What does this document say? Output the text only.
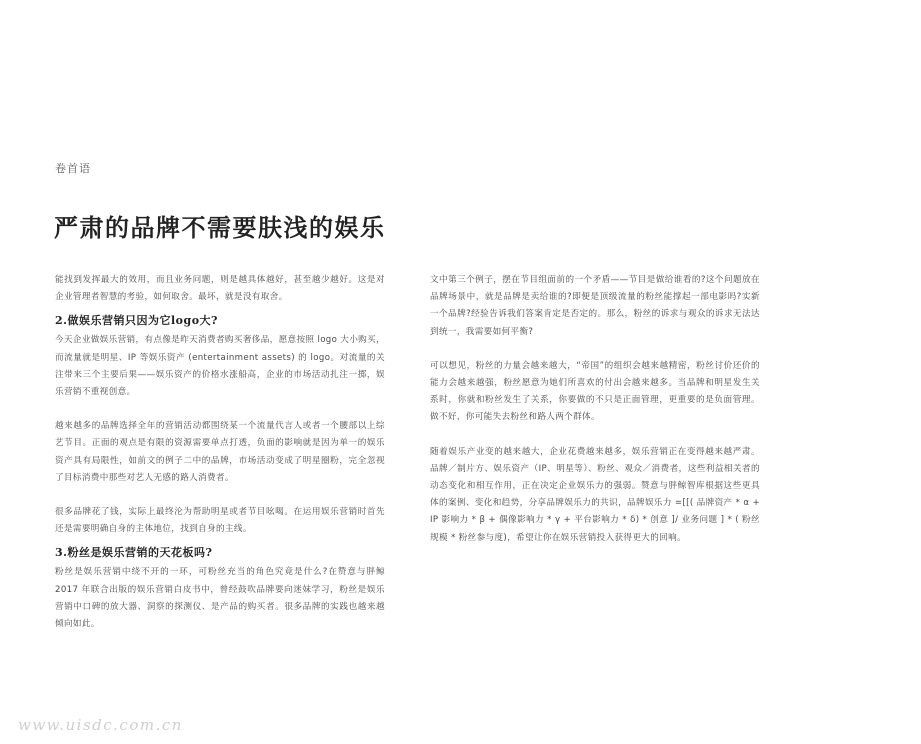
卷首语
严肃的品牌不需要肤浅的娱乐

能找到发挥最大的效用，而且业务问题，则是越具体越好，甚至越少越好。这是对企业管理者智慧的考验，如何取舍。最坏，就是没有取舍。

2.做娱乐营销只因为它logo大?

今天企业做娱乐营销，有点像是昨天消费者购买奢侈品，愿意按照 logo 大小购买，而流量就是明星、IP 等娱乐资产 (entertainment assets) 的 logo。对流量的关注带来三个主要后果——娱乐资产的价格水涨船高，企业的市场活动扎注一掷，娱乐营销不重视创意。

越来越多的品牌选择全年的营销活动都围绕某一个流量代言人或者一个腰部以上综艺节目。正面的观点是有限的资源需要单点打透，负面的影响就是因为单一的娱乐资产具有局限性，如前文的例子二中的品牌，市场活动变成了明星圈粉，完全忽视了目标消费中那些对艺人无感的路人消费者。

很多品牌花了钱，实际上最终沦为帮助明星或者节目吆喝。在运用娱乐营销时首先还是需要明确自身的主体地位，找到自身的主线。

3.粉丝是娱乐营销的天花板吗?

粉丝是娱乐营销中绕不开的一环，可粉丝充当的角色究竟是什么?在赞意与胖鲸 2017 年联合出版的娱乐营销白皮书中，曾经鼓吹品牌要向迷妹学习，粉丝是娱乐营销中口碑的放大器、洞察的探测仪、是产品的购买者。很多品牌的实践也越来越倾向如此。

文中第三个例子，摆在节目组面前的一个矛盾——节目是做给谁看的?这个问题放在品牌场景中，就是品牌是卖给谁的?即便是顶级流量的粉丝能撑起一部电影吗?实新一个品牌?经验告诉我们答案肯定是否定的。那么，粉丝的诉求与观众的诉求无法达到统一，我需要如何平衡?

可以想见，粉丝的力量会越来越大，“帝国”的组织会越来越精密，粉丝讨价还价的能力会越来越强，粉丝愿意为她们所喜欢的付出会越来越多。当品牌和明星发生关系时，你就和粉丝发生了关系，你要做的不只是正面管理，更重要的是负面管理。做不好，你可能失去粉丝和路人两个群体。

随着娱乐产业变的越来越大，企业花费越来越多，娱乐营销正在变得越来越严肃。品牌／制片方、娱乐资产（IP、明星等）、粉丝、观众／消费者，这些利益相关者的动态变化和相互作用，正在决定企业娱乐力的强弱。赞意与胖鲸智库根据这些更具体的案例、变化和趋势，分享品牌娱乐力的共识，品牌娱乐力 =[[( 品牌资产 * α + IP 影响力 * β + 偶像影响力 * γ + 平台影响力 * δ) * 创意 ]/ 业务问题 ] * ( 粉丝规模 * 粉丝参与度)，希望让你在娱乐营销投入获得更大的回响。

www.uisdc.com.cn
